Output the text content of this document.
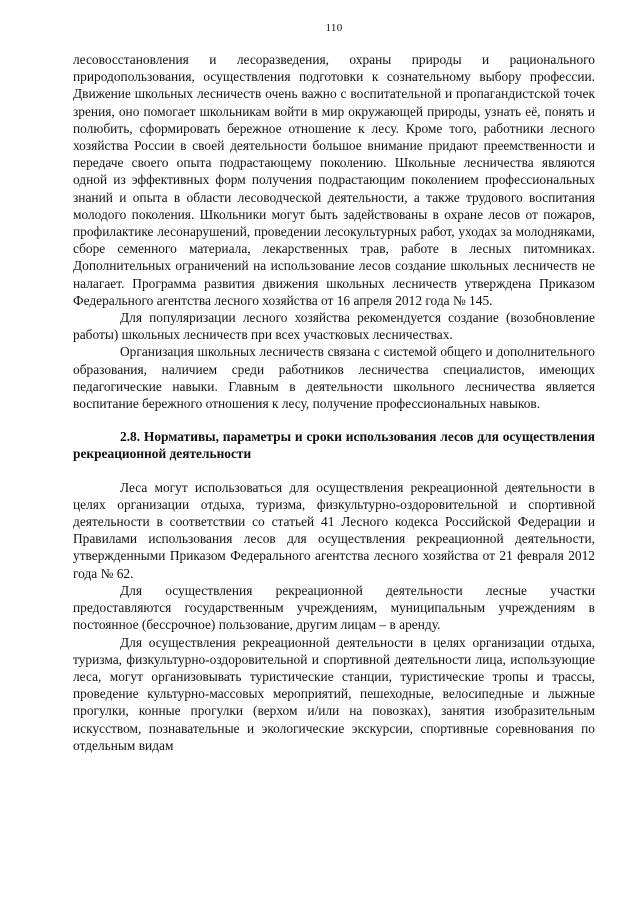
110

лесовосстановления и лесоразведения, охраны природы и рационального природопользования, осуществления подготовки к сознательному выбору профессии. Движение школьных лесничеств очень важно с воспитательной и пропагандистской точек зрения, оно помогает школьникам войти в мир окружающей природы, узнать её, понять и полюбить, сформировать бережное отношение к лесу. Кроме того, работники лесного хозяйства России в своей деятельности большое внимание придают преемственности и передаче своего опыта подрастающему поколению. Школьные лесничества являются одной из эффективных форм получения подрастающим поколением профессиональных знаний и опыта в области лесоводческой деятельности, а также трудового воспитания молодого поколения. Школьники могут быть задействованы в охране лесов от пожаров, профилактике лесонарушений, проведении лесокультурных работ, уходах за молодняками, сборе семенного материала, лекарственных трав, работе в лесных питомниках. Дополнительных ограничений на использование лесов создание школьных лесничеств не налагает. Программа развития движения школьных лесничеств утверждена Приказом Федерального агентства лесного хозяйства от 16 апреля 2012 года № 145.

Для популяризации лесного хозяйства рекомендуется создание (возобновление работы) школьных лесничеств при всех участковых лесничествах.

Организация школьных лесничеств связана с системой общего и дополнительного образования, наличием среди работников лесничества специалистов, имеющих педагогические навыки. Главным в деятельности школьного лесничества является воспитание бережного отношения к лесу, получение профессиональных навыков.

2.8. Нормативы, параметры и сроки использования лесов для осуществления рекреационной деятельности

Леса могут использоваться для осуществления рекреационной деятельности в целях организации отдыха, туризма, физкультурно-оздоровительной и спортивной деятельности в соответствии со статьей 41 Лесного кодекса Российской Федерации и Правилами использования лесов для осуществления рекреационной деятельности, утвержденными Приказом Федерального агентства лесного хозяйства от 21 февраля 2012 года № 62.

Для осуществления рекреационной деятельности лесные участки предоставляются государственным учреждениям, муниципальным учреждениям в постоянное (бессрочное) пользование, другим лицам – в аренду.

Для осуществления рекреационной деятельности в целях организации отдыха, туризма, физкультурно-оздоровительной и спортивной деятельности лица, использующие леса, могут организовывать туристические станции, туристические тропы и трассы, проведение культурно-массовых мероприятий, пешеходные, велосипедные и лыжные прогулки, конные прогулки (верхом и/или на повозках), занятия изобразительным искусством, познавательные и экологические экскурсии, спортивные соревнования по отдельным видам
